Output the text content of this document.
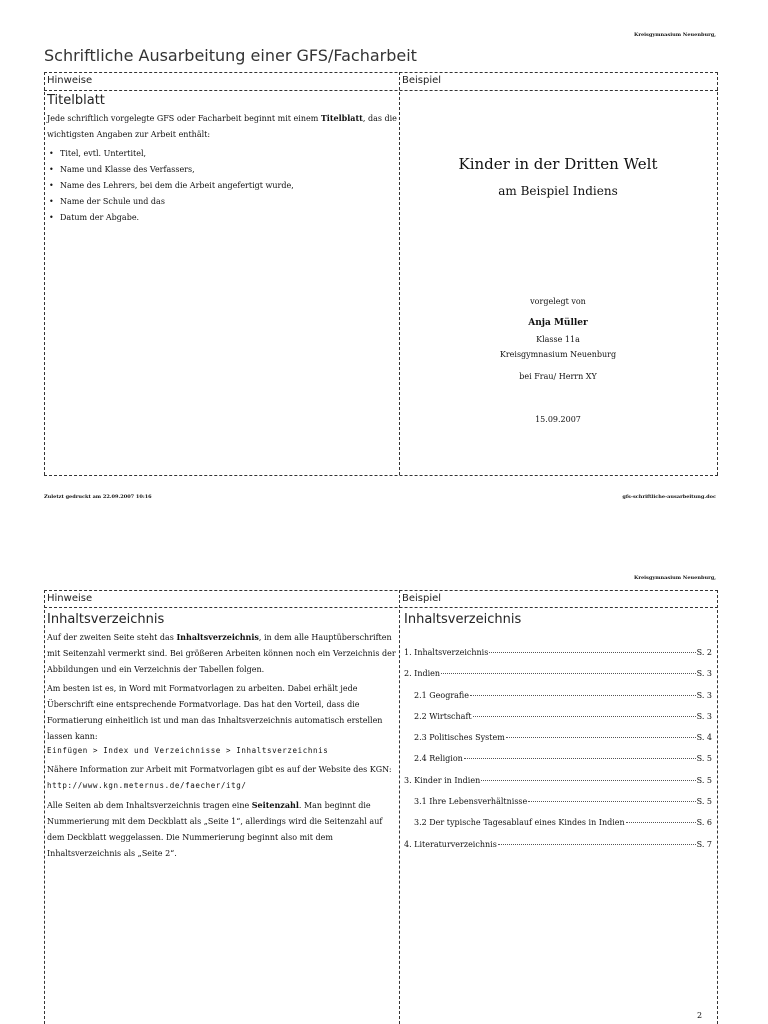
Kreisgymnasium Neuenburg,
Schriftliche Ausarbeitung einer GFS/Facharbeit
Hinweise	Beispiel
Titelblatt
Jede schriftlich vorgelegte GFS oder Facharbeit beginnt mit einem Titelblatt, das die
wichtigsten Angaben zur Arbeit enthält:
• Titel, evtl. Untertitel,
• Name und Klasse des Verfassers,
• Name des Lehrers, bei dem die Arbeit angefertigt wurde,
• Name der Schule und das
• Datum der Abgabe.
Kinder in der Dritten Welt
am Beispiel Indiens
vorgelegt von
Anja Müller
Klasse 11a
Kreisgymnasium Neuenburg
bei Frau/ Herrn XY
15.09.2007
Zuletzt gedruckt am 22.09.2007 10:16	gfs-schriftliche-ausarbeitung.doc
Kreisgymnasium Neuenburg,
Hinweise	Beispiel
Inhaltsverzeichnis
Auf der zweiten Seite steht das Inhaltsverzeichnis, in dem alle Hauptüberschriften
mit Seitenzahl vermerkt sind. Bei größeren Arbeiten können noch ein Verzeichnis der
Abbildungen und ein Verzeichnis der Tabellen folgen.
Am besten ist es, in Word mit Formatvorlagen zu arbeiten. Dabei erhält jede
Überschrift eine entsprechende Formatvorlage. Das hat den Vorteil, dass die
Formatierung einheitlich ist und man das Inhaltsverzeichnis automatisch erstellen
lassen kann:
Einfügen > Index und Verzeichnisse > Inhaltsverzeichnis
Nähere Information zur Arbeit mit Formatvorlagen gibt es auf der Website des KGN:
http://www.kgn.meternus.de/faecher/itg/
Alle Seiten ab dem Inhaltsverzeichnis tragen eine Seitenzahl. Man beginnt die
Nummerierung mit dem Deckblatt als „Seite 1“, allerdings wird die Seitenzahl auf
dem Deckblatt weggelassen. Die Nummerierung beginnt also mit dem
Inhaltsverzeichnis als „Seite 2“.
Inhaltsverzeichnis
1. Inhaltsverzeichnis	S. 2
2. Indien	S. 3
2.1 Geografie	S. 3
2.2 Wirtschaft	S. 3
2.3 Politisches System	S. 4
2.4 Religion	S. 5
3. Kinder in Indien	S. 5
3.1 Ihre Lebensverhältnisse	S. 5
3.2 Der typische Tagesablauf eines Kindes in Indien	S. 6
4. Literaturverzeichnis	S. 7
2
